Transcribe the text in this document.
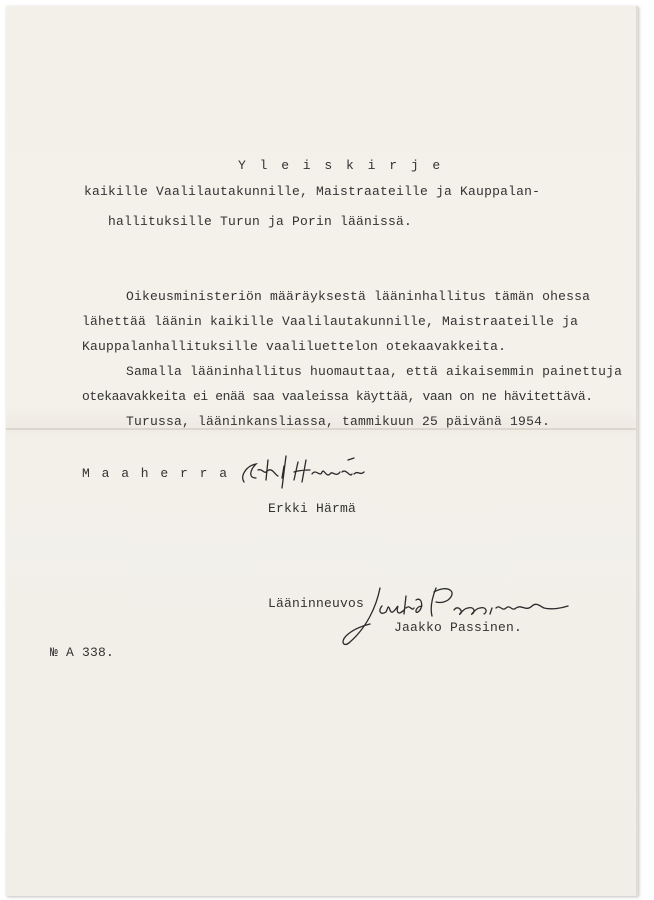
Y l e i s k i r j e
kaikille Vaalilautakunnille, Maistraateille ja Kauppalan-
hallituksille Turun ja Porin läänissä.
Oikeusministeriön määräyksestä lääninhallitus tämän ohessa
lähettää läänin kaikille Vaalilautakunnille, Maistraateille ja
Kauppalanhallituksille vaaliluettelon otekaavakkeita.
Samalla lääninhallitus huomauttaa, että aikaisemmin painettuja
otekaavakkeita ei enää saa vaaleissa käyttää, vaan on ne hävitettävä.
Turussa, lääninkansliassa, tammikuun 25 päivänä 1954.
M a a h e r r a
Erkki Härmä
Lääninneuvos
Jaakko Passinen.
№ A 338.
